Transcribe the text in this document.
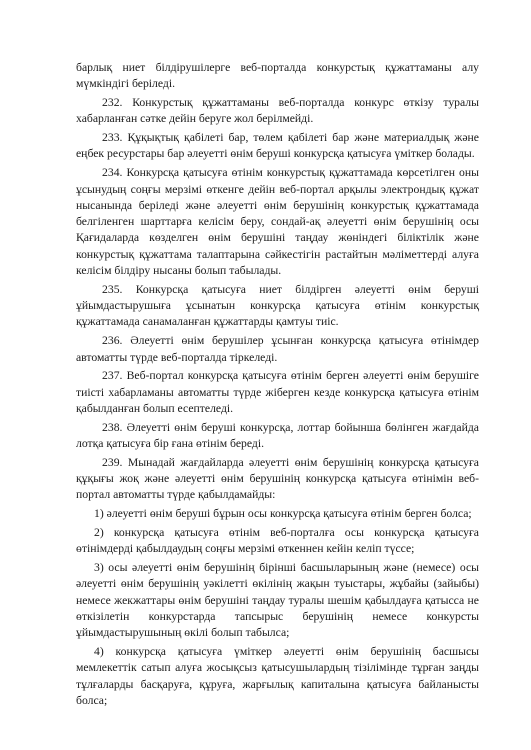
барлық ниет білдірушілерге веб-порталда конкурстық құжаттаманы алу мүмкіндігі беріледі.

232. Конкурстық құжаттаманы веб-порталда конкурс өткізу туралы хабарланған сәтке дейін беруге жол берілмейді.

233. Құқықтық қабілеті бар, төлем қабілеті бар және материалдық және еңбек ресурстары бар әлеуетті өнім беруші конкурсқа қатысуға үміткер болады.

234. Конкурсқа қатысуға өтінім конкурстық құжаттамада көрсетілген оны ұсынудың соңғы мерзімі өткенге дейін веб-портал арқылы электрондық құжат нысанында беріледі және әлеуетті өнім берушінің конкурстық құжаттамада белгіленген шарттарға келісім беру, сондай-ақ әлеуетті өнім берушінің осы Қағидаларда көзделген өнім берушіні таңдау жөніндегі біліктілік және конкурстық құжаттама талаптарына сәйкестігін растайтын мәліметтерді алуға келісім білдіру нысаны болып табылады.

235. Конкурсқа қатысуға ниет білдірген әлеуетті өнім беруші ұйымдастырушыға ұсынатын конкурсқа қатысуға өтінім конкурстық құжаттамада санамаланған құжаттарды қамтуы тиіс.

236. Әлеуетті өнім берушілер ұсынған конкурсқа қатысуға өтінімдер автоматты түрде веб-порталда тіркеледі.

237. Веб-портал конкурсқа қатысуға өтінім берген әлеуетті өнім берушіге тиісті хабарламаны автоматты түрде жіберген кезде конкурсқа қатысуға өтінім қабылданған болып есептеледі.

238. Әлеуетті өнім беруші конкурсқа, лоттар бойынша бөлінген жағдайда лотқа қатысуға бір ғана өтінім береді.

239. Мынадай жағдайларда әлеуетті өнім берушінің конкурсқа қатысуға құқығы жоқ және әлеуетті өнім берушінің конкурсқа қатысуға өтінімін веб-портал автоматты түрде қабылдамайды:

1) әлеуетті өнім беруші бұрын осы конкурсқа қатысуға өтінім берген болса;

2) конкурсқа қатысуға өтінім веб-порталға осы конкурсқа қатысуға өтінімдерді қабылдаудың соңғы мерзімі өткеннен кейін келіп түссе;

3) осы әлеуетті өнім берушінің бірінші басшыларының және (немесе) осы әлеуетті өнім берушінің уәкілетті өкілінің жақын туыстары, жұбайы (зайыбы) немесе жекжаттары өнім берушіні таңдау туралы шешім қабылдауға қатысса не өткізілетін конкурстарда тапсырыс берушінің немесе конкурсты ұйымдастырушының өкілі болып табылса;

4) конкурсқа қатысуға үміткер әлеуетті өнім берушінің басшысы мемлекеттік сатып алуға жосықсыз қатысушылардың тізілімінде тұрған заңды тұлғаларды басқаруға, құруға, жарғылық капиталына қатысуға байланысты болса;
